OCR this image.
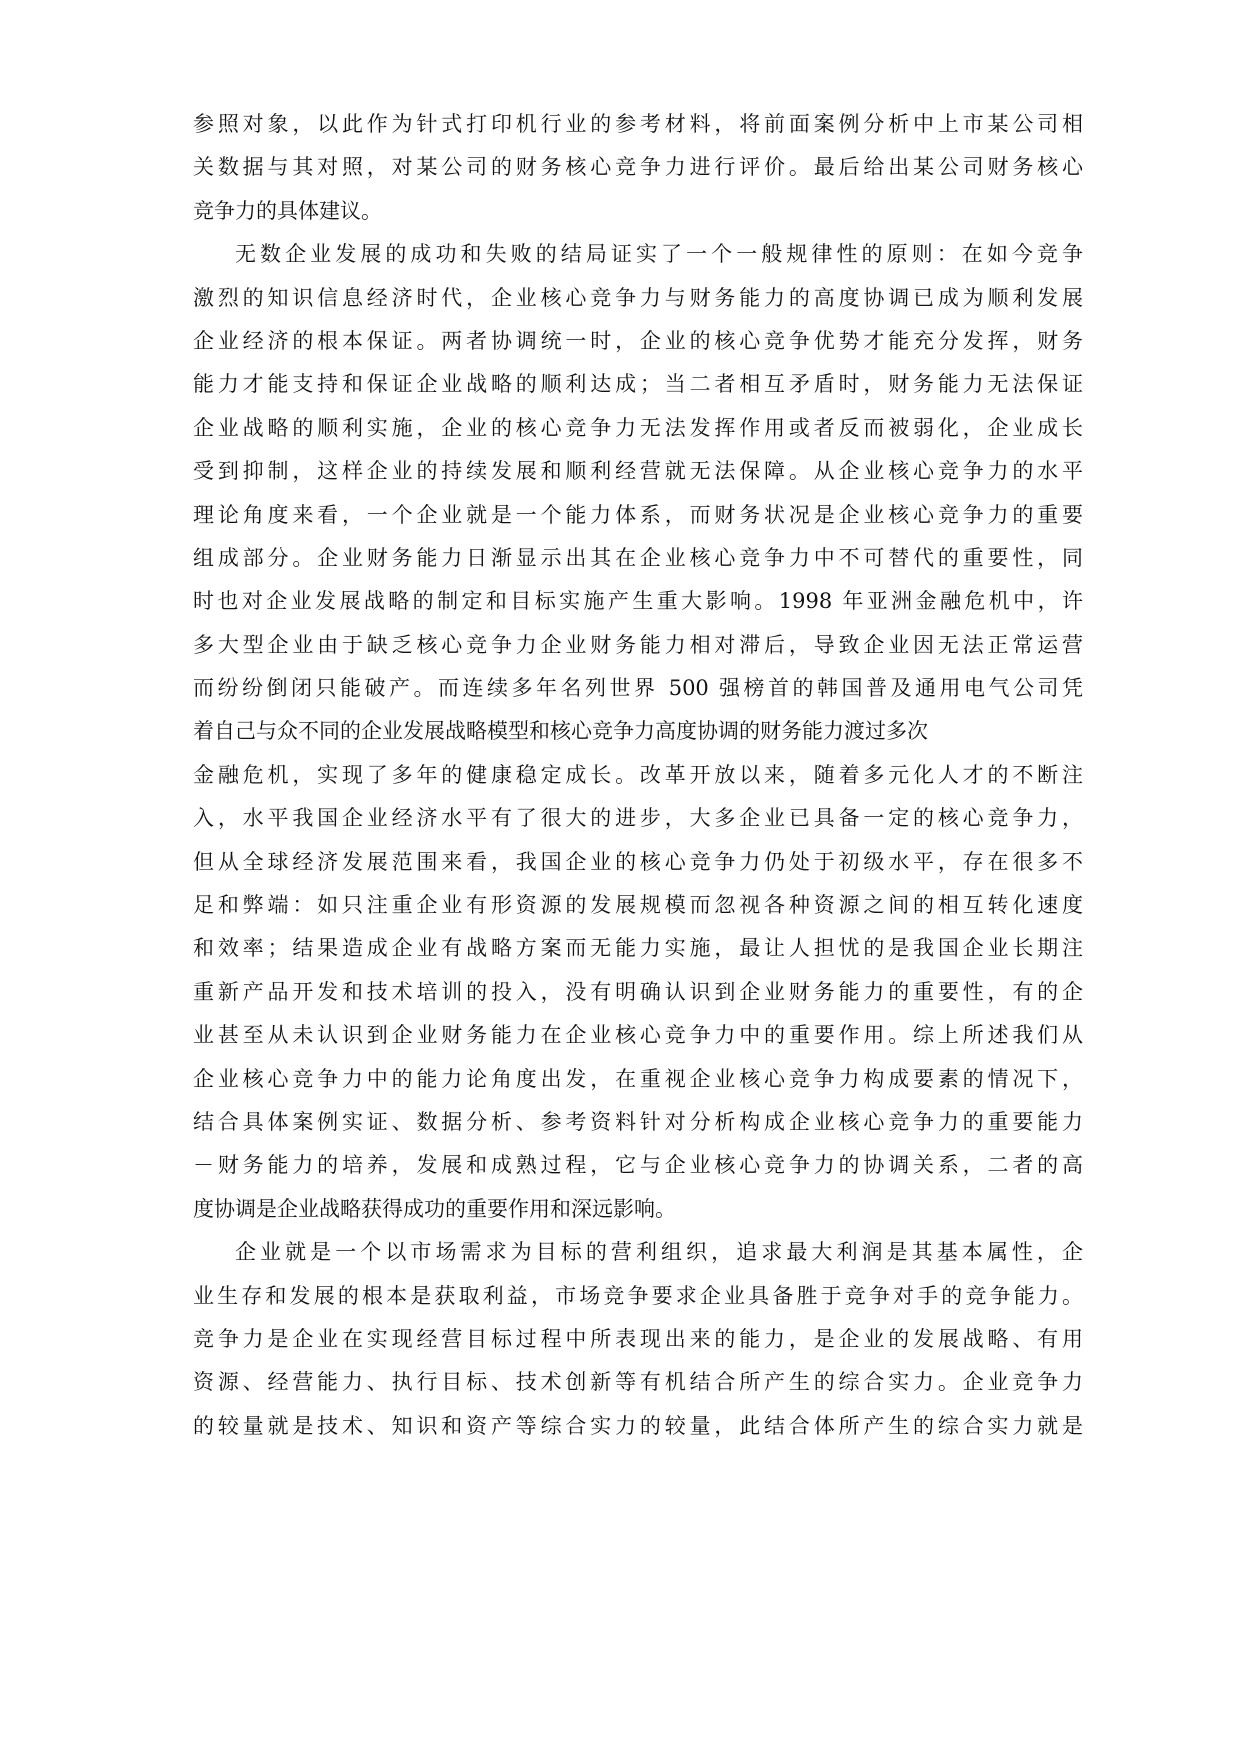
参照对象，以此作为针式打印机行业的参考材料，将前面案例分析中上市某公司相
关数据与其对照，对某公司的财务核心竞争力进行评价。最后给出某公司财务核心
竞争力的具体建议。
无数企业发展的成功和失败的结局证实了一个一般规律性的原则：在如今竞争
激烈的知识信息经济时代，企业核心竞争力与财务能力的高度协调已成为顺利发展
企业经济的根本保证。两者协调统一时，企业的核心竞争优势才能充分发挥，财务
能力才能支持和保证企业战略的顺利达成；当二者相互矛盾时，财务能力无法保证
企业战略的顺利实施，企业的核心竞争力无法发挥作用或者反而被弱化，企业成长
受到抑制，这样企业的持续发展和顺利经营就无法保障。从企业核心竞争力的水平
理论角度来看，一个企业就是一个能力体系，而财务状况是企业核心竞争力的重要
组成部分。企业财务能力日渐显示出其在企业核心竞争力中不可替代的重要性，同
时也对企业发展战略的制定和目标实施产生重大影响。1998 年亚洲金融危机中，许
多大型企业由于缺乏核心竞争力企业财务能力相对滞后，导致企业因无法正常运营
而纷纷倒闭只能破产。而连续多年名列世界 500 强榜首的韩国普及通用电气公司凭
着自己与众不同的企业发展战略模型和核心竞争力高度协调的财务能力渡过多次
金融危机，实现了多年的健康稳定成长。改革开放以来，随着多元化人才的不断注
入，水平我国企业经济水平有了很大的进步，大多企业已具备一定的核心竞争力，
但从全球经济发展范围来看，我国企业的核心竞争力仍处于初级水平，存在很多不
足和弊端：如只注重企业有形资源的发展规模而忽视各种资源之间的相互转化速度
和效率；结果造成企业有战略方案而无能力实施，最让人担忧的是我国企业长期注
重新产品开发和技术培训的投入，没有明确认识到企业财务能力的重要性，有的企
业甚至从未认识到企业财务能力在企业核心竞争力中的重要作用。综上所述我们从
企业核心竞争力中的能力论角度出发，在重视企业核心竞争力构成要素的情况下，
结合具体案例实证、数据分析、参考资料针对分析构成企业核心竞争力的重要能力
－财务能力的培养，发展和成熟过程，它与企业核心竞争力的协调关系，二者的高
度协调是企业战略获得成功的重要作用和深远影响。
企业就是一个以市场需求为目标的营利组织，追求最大利润是其基本属性，企
业生存和发展的根本是获取利益，市场竞争要求企业具备胜于竞争对手的竞争能力。
竞争力是企业在实现经营目标过程中所表现出来的能力，是企业的发展战略、有用
资源、经营能力、执行目标、技术创新等有机结合所产生的综合实力。企业竞争力
的较量就是技术、知识和资产等综合实力的较量，此结合体所产生的综合实力就是
